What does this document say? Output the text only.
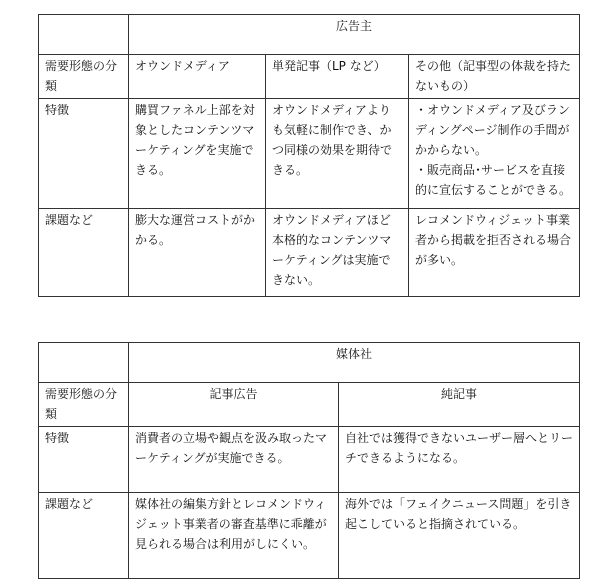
	広告主		
需要形態の分類	オウンドメディア	単発記事（LP など）	その他（記事型の体裁を持たないもの）
特徴	購買ファネル上部を対象としたコンテンツマーケティングを実施できる。	オウンドメディアよりも気軽に制作でき、かつ同様の効果を期待できる。	・オウンドメディア及びランディングページ制作の手間がかからない。
・販売商品･サービスを直接的に宣伝することができる。
課題など	膨大な運営コストがかかる。	オウンドメディアほど本格的なコンテンツマーケティングは実施できない。	レコメンドウィジェット事業者から掲載を拒否される場合が多い。
	媒体社	
需要形態の分類	記事広告	純記事
特徴	消費者の立場や観点を汲み取ったマーケティングが実施できる。	自社では獲得できないユーザー層へとリーチできるようになる。
課題など	媒体社の編集方針とレコメンドウィジェット事業者の審査基準に乖離が見られる場合は利用がしにくい。	海外では「フェイクニュース問題」を引き起こしていると指摘されている。
